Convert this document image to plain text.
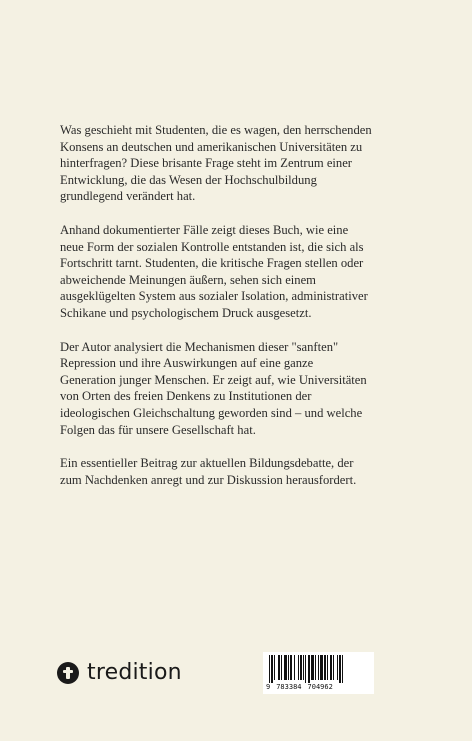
Was geschieht mit Studenten, die es wagen, den herrschenden
Konsens an deutschen und amerikanischen Universitäten zu
hinterfragen? Diese brisante Frage steht im Zentrum einer
Entwicklung, die das Wesen der Hochschulbildung
grundlegend verändert hat.

Anhand dokumentierter Fälle zeigt dieses Buch, wie eine
neue Form der sozialen Kontrolle entstanden ist, die sich als
Fortschritt tarnt. Studenten, die kritische Fragen stellen oder
abweichende Meinungen äußern, sehen sich einem
ausgeklügelten System aus sozialer Isolation, administrativer
Schikane und psychologischem Druck ausgesetzt.

Der Autor analysiert die Mechanismen dieser "sanften"
Repression und ihre Auswirkungen auf eine ganze
Generation junger Menschen. Er zeigt auf, wie Universitäten
von Orten des freien Denkens zu Institutionen der
ideologischen Gleichschaltung geworden sind – und welche
Folgen das für unsere Gesellschaft hat.

Ein essentieller Beitrag zur aktuellen Bildungsdebatte, der
zum Nachdenken anregt und zur Diskussion herausfordert.

tredition
9 783384 704962
